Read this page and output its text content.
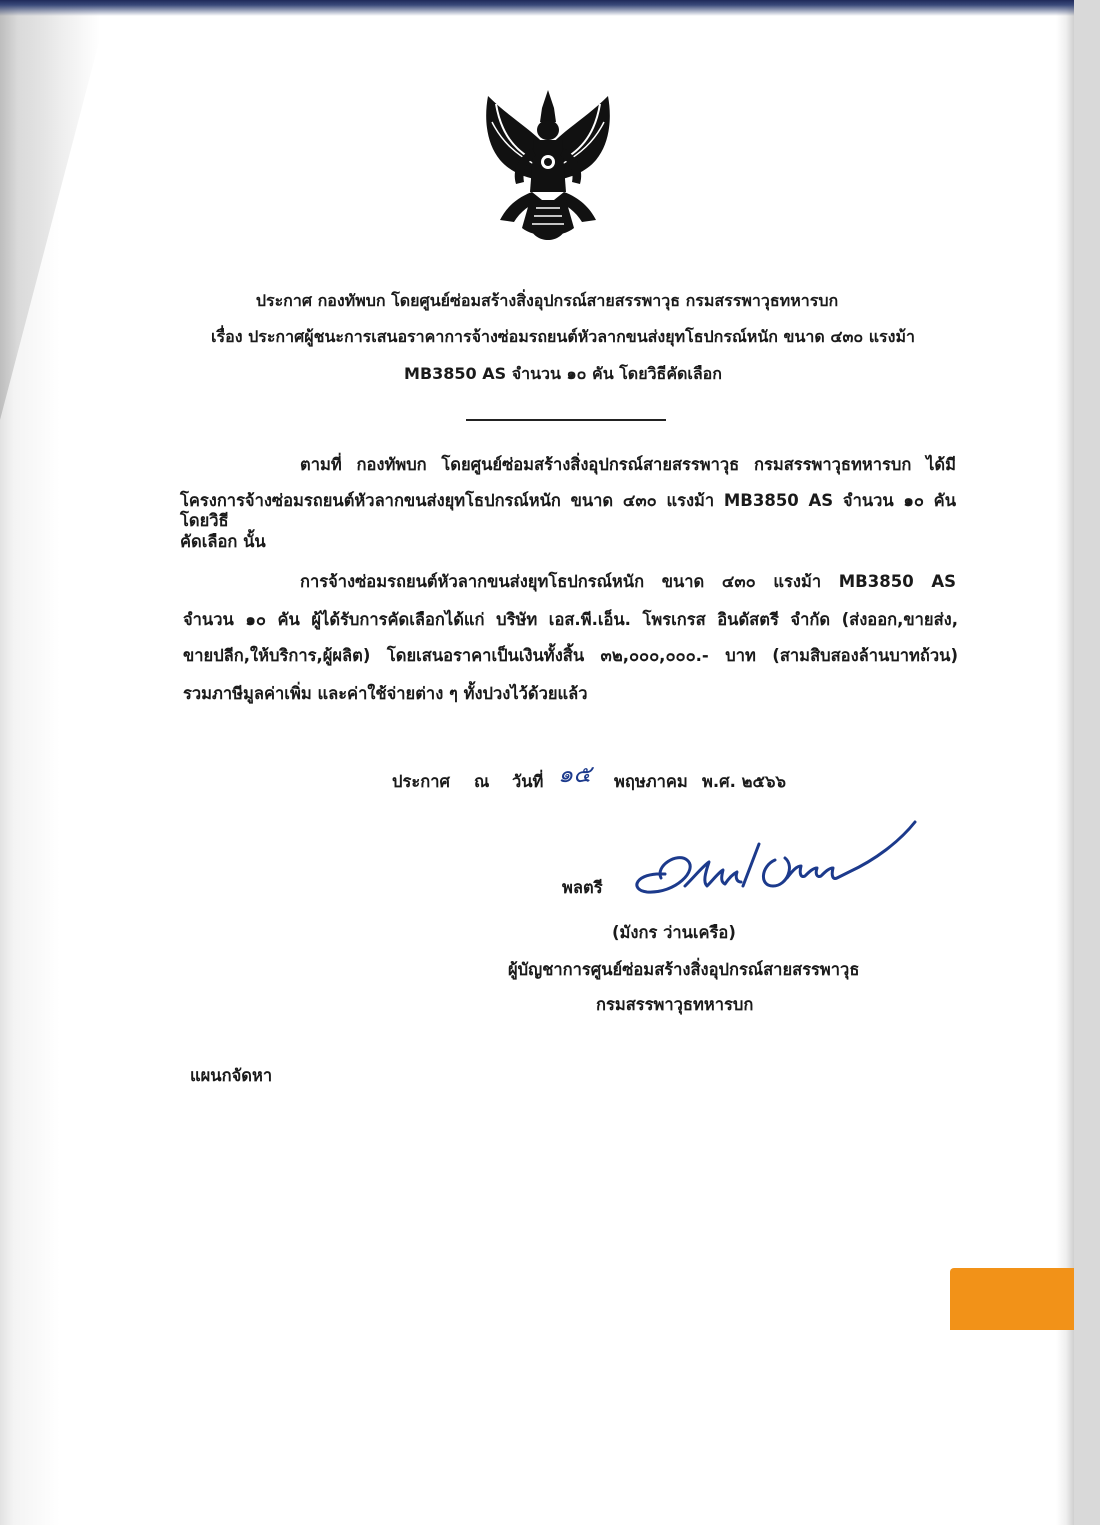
ประกาศ กองทัพบก โดยศูนย์ซ่อมสร้างสิ่งอุปกรณ์สายสรรพาวุธ กรมสรรพาวุธทหารบก
เรื่อง ประกาศผู้ชนะการเสนอราคาการจ้างซ่อมรถยนต์หัวลากขนส่งยุทโธปกรณ์หนัก ขนาด ๔๓๐ แรงม้า
MB3850 AS จำนวน ๑๐ คัน โดยวิธีคัดเลือก
ตามที่ กองทัพบก โดยศูนย์ซ่อมสร้างสิ่งอุปกรณ์สายสรรพาวุธ กรมสรรพาวุธทหารบก ได้มี
โครงการจ้างซ่อมรถยนต์หัวลากขนส่งยุทโธปกรณ์หนัก ขนาด ๔๓๐ แรงม้า MB3850 AS จำนวน ๑๐ คัน โดยวิธี
คัดเลือก นั้น
การจ้างซ่อมรถยนต์หัวลากขนส่งยุทโธปกรณ์หนัก ขนาด ๔๓๐ แรงม้า MB3850 AS
จำนวน ๑๐ คัน ผู้ได้รับการคัดเลือกได้แก่ บริษัท เอส.พี.เอ็น. โพรเกรส อินดัสตรี จำกัด (ส่งออก,ขายส่ง,
ขายปลีก,ให้บริการ,ผู้ผลิต) โดยเสนอราคาเป็นเงินทั้งสิ้น ๓๒,๐๐๐,๐๐๐.- บาท (สามสิบสองล้านบาทถ้วน)
รวมภาษีมูลค่าเพิ่ม และค่าใช้จ่ายต่าง ๆ ทั้งปวงไว้ด้วยแล้ว
ประกาศ ณ วันที่ ๑๕ พฤษภาคม พ.ศ. ๒๕๖๖
พลตรี
(มังกร ว่านเครือ)
ผู้บัญชาการศูนย์ซ่อมสร้างสิ่งอุปกรณ์สายสรรพาวุธ
กรมสรรพาวุธทหารบก
แผนกจัดหา
